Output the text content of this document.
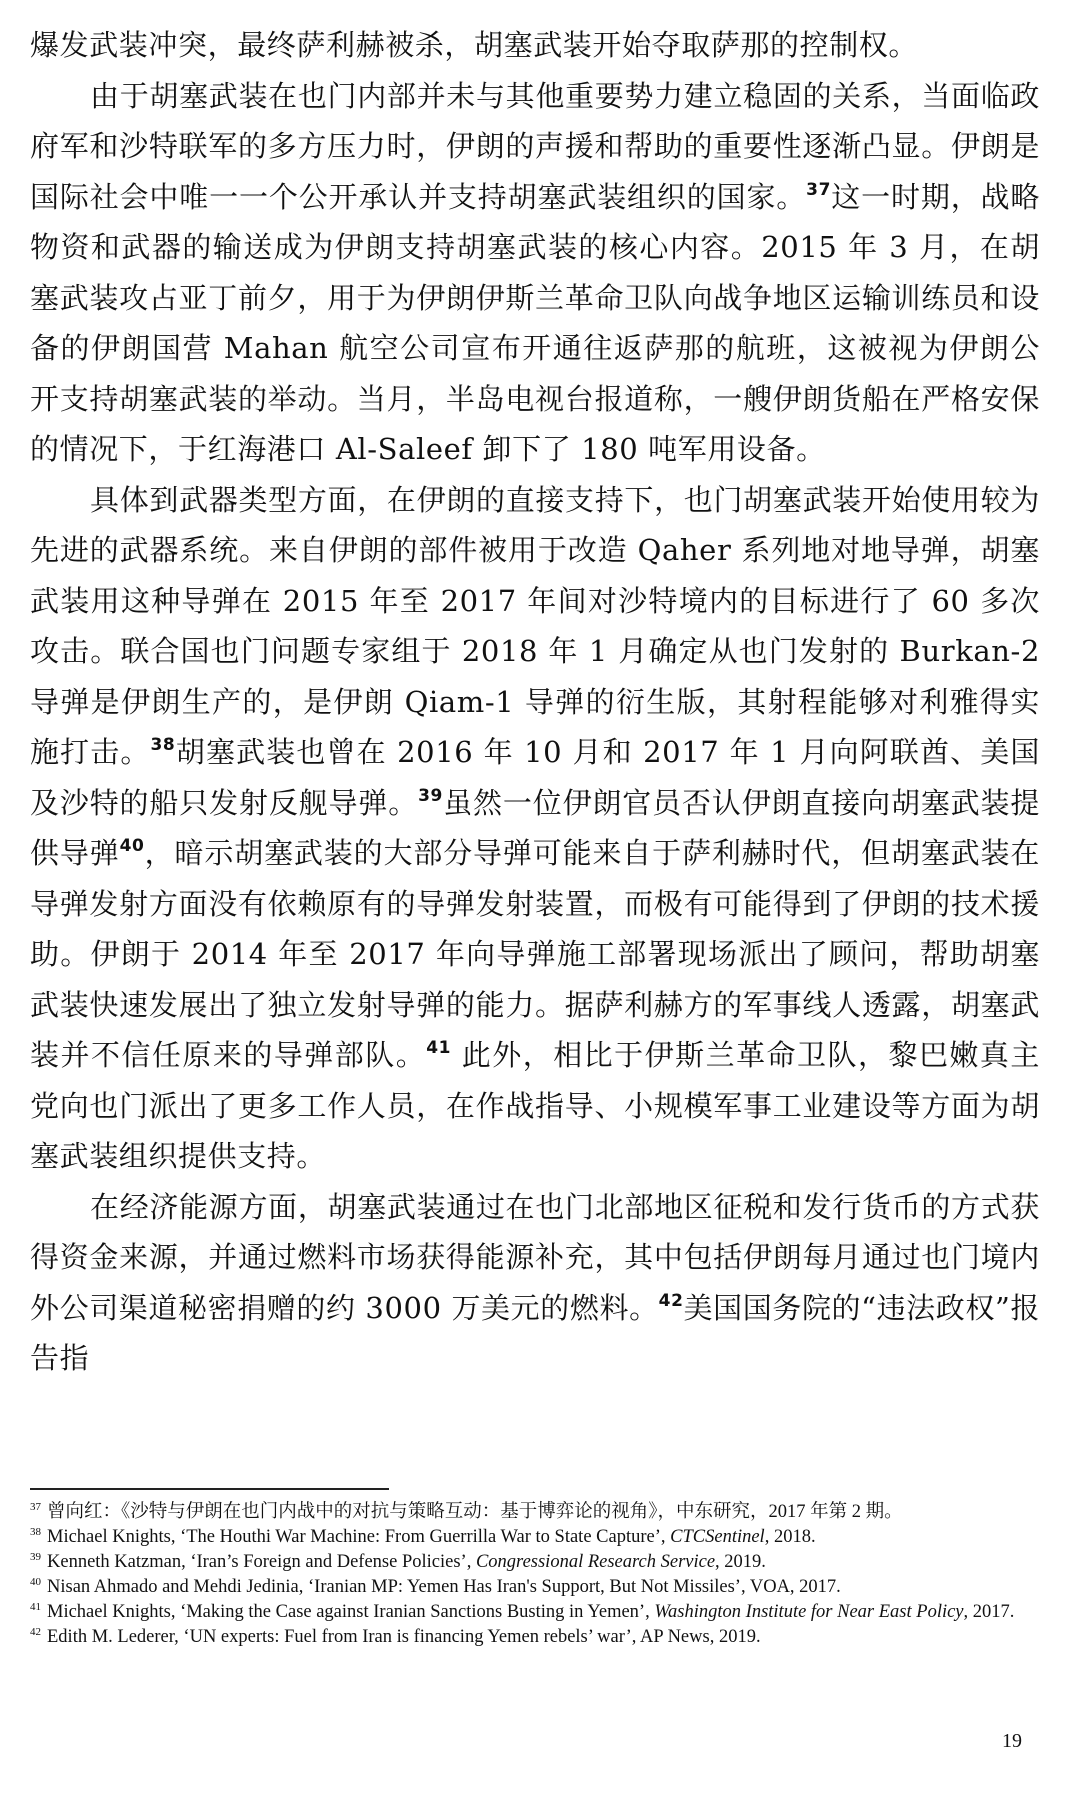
爆发武装冲突，最终萨利赫被杀，胡塞武装开始夺取萨那的控制权。

由于胡塞武装在也门内部并未与其他重要势力建立稳固的关系，当面临政府军和沙特联军的多方压力时，伊朗的声援和帮助的重要性逐渐凸显。伊朗是国际社会中唯一一个公开承认并支持胡塞武装组织的国家。$^{37}$这一时期，战略物资和武器的输送成为伊朗支持胡塞武装的核心内容。2015 年 3 月，在胡塞武装攻占亚丁前夕，用于为伊朗伊斯兰革命卫队向战争地区运输训练员和设备的伊朗国营 Mahan 航空公司宣布开通往返萨那的航班，这被视为伊朗公开支持胡塞武装的举动。当月，半岛电视台报道称，一艘伊朗货船在严格安保的情况下，于红海港口 Al-Saleef 卸下了 180 吨军用设备。

具体到武器类型方面，在伊朗的直接支持下，也门胡塞武装开始使用较为先进的武器系统。来自伊朗的部件被用于改造 Qaher 系列地对地导弹，胡塞武装用这种导弹在 2015 年至 2017 年间对沙特境内的目标进行了 60 多次攻击。联合国也门问题专家组于 2018 年 1 月确定从也门发射的 Burkan-2 导弹是伊朗生产的，是伊朗 Qiam-1 导弹的衍生版，其射程能够对利雅得实施打击。$^{38}$胡塞武装也曾在 2016 年 10 月和 2017 年 1 月向阿联酋、美国及沙特的船只发射反舰导弹。$^{39}$虽然一位伊朗官员否认伊朗直接向胡塞武装提供导弹$^{40}$，暗示胡塞武装的大部分导弹可能来自于萨利赫时代，但胡塞武装在导弹发射方面没有依赖原有的导弹发射装置，而极有可能得到了伊朗的技术援助。伊朗于 2014 年至 2017 年向导弹施工部署现场派出了顾问，帮助胡塞武装快速发展出了独立发射导弹的能力。据萨利赫方的军事线人透露，胡塞武装并不信任原来的导弹部队。$^{41}$ 此外，相比于伊斯兰革命卫队，黎巴嫩真主党向也门派出了更多工作人员，在作战指导、小规模军事工业建设等方面为胡塞武装组织提供支持。

在经济能源方面，胡塞武装通过在也门北部地区征税和发行货币的方式获得资金来源，并通过燃料市场获得能源补充，其中包括伊朗每月通过也门境内外公司渠道秘密捐赠的约 3000 万美元的燃料。$^{42}$美国国务院的“违法政权”报告指

$^{37}$ 曾向红：《沙特与伊朗在也门内战中的对抗与策略互动：基于博弈论的视角》，中东研究，2017 年第 2 期。
$^{38}$ Michael Knights, ‘The Houthi War Machine: From Guerrilla War to State Capture’, CTCSentinel, 2018.
$^{39}$ Kenneth Katzman, ‘Iran’s Foreign and Defense Policies’, Congressional Research Service, 2019.
$^{40}$ Nisan Ahmado and Mehdi Jedinia, ‘Iranian MP: Yemen Has Iran's Support, But Not Missiles’, VOA, 2017.
$^{41}$ Michael Knights, ‘Making the Case against Iranian Sanctions Busting in Yemen’, Washington Institute for Near East Policy, 2017.
$^{42}$ Edith M. Lederer, ‘UN experts: Fuel from Iran is financing Yemen rebels’ war’, AP News, 2019.
19
